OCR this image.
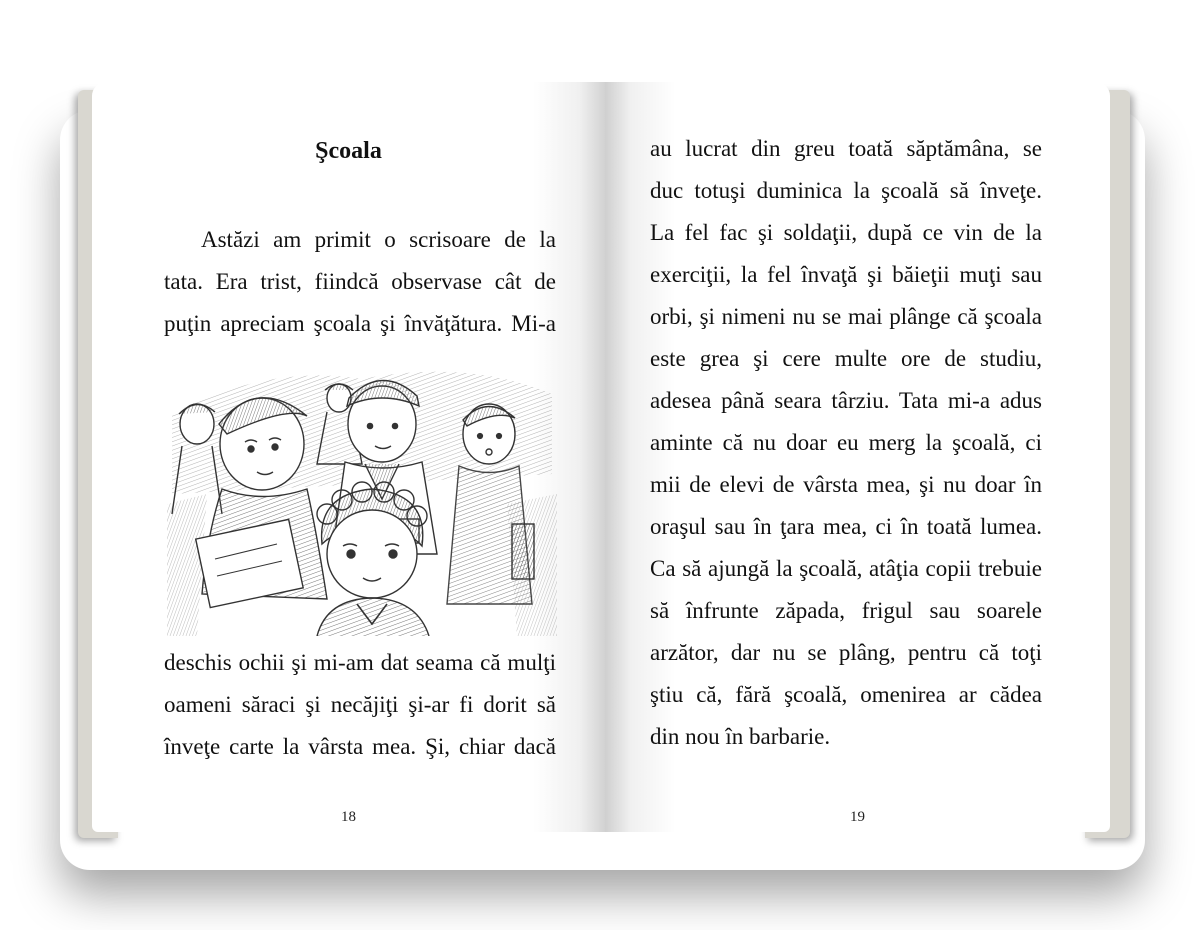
Şcoala
Astăzi am primit o scrisoare de la
tata. Era trist, fiindcă observase cât de
puţin apreciam şcoala şi învăţătura. Mi-a
deschis ochii şi mi-am dat seama că mulţi
oameni săraci şi necăjiţi şi-ar fi dorit să
înveţe carte la vârsta mea. Şi, chiar dacă
18
au lucrat din greu toată săptămâna, se
duc totuşi duminica la şcoală să înveţe.
La fel fac şi soldaţii, după ce vin de la
exerciţii, la fel învaţă şi băieţii muţi sau
orbi, şi nimeni nu se mai plânge că şcoala
este grea şi cere multe ore de studiu,
adesea până seara târziu. Tata mi-a adus
aminte că nu doar eu merg la şcoală, ci
mii de elevi de vârsta mea, şi nu doar în
oraşul sau în ţara mea, ci în toată lumea.
Ca să ajungă la şcoală, atâţia copii trebuie
să înfrunte zăpada, frigul sau soarele
arzător, dar nu se plâng, pentru că toţi
ştiu că, fără şcoală, omenirea ar cădea
din nou în barbarie.
19
